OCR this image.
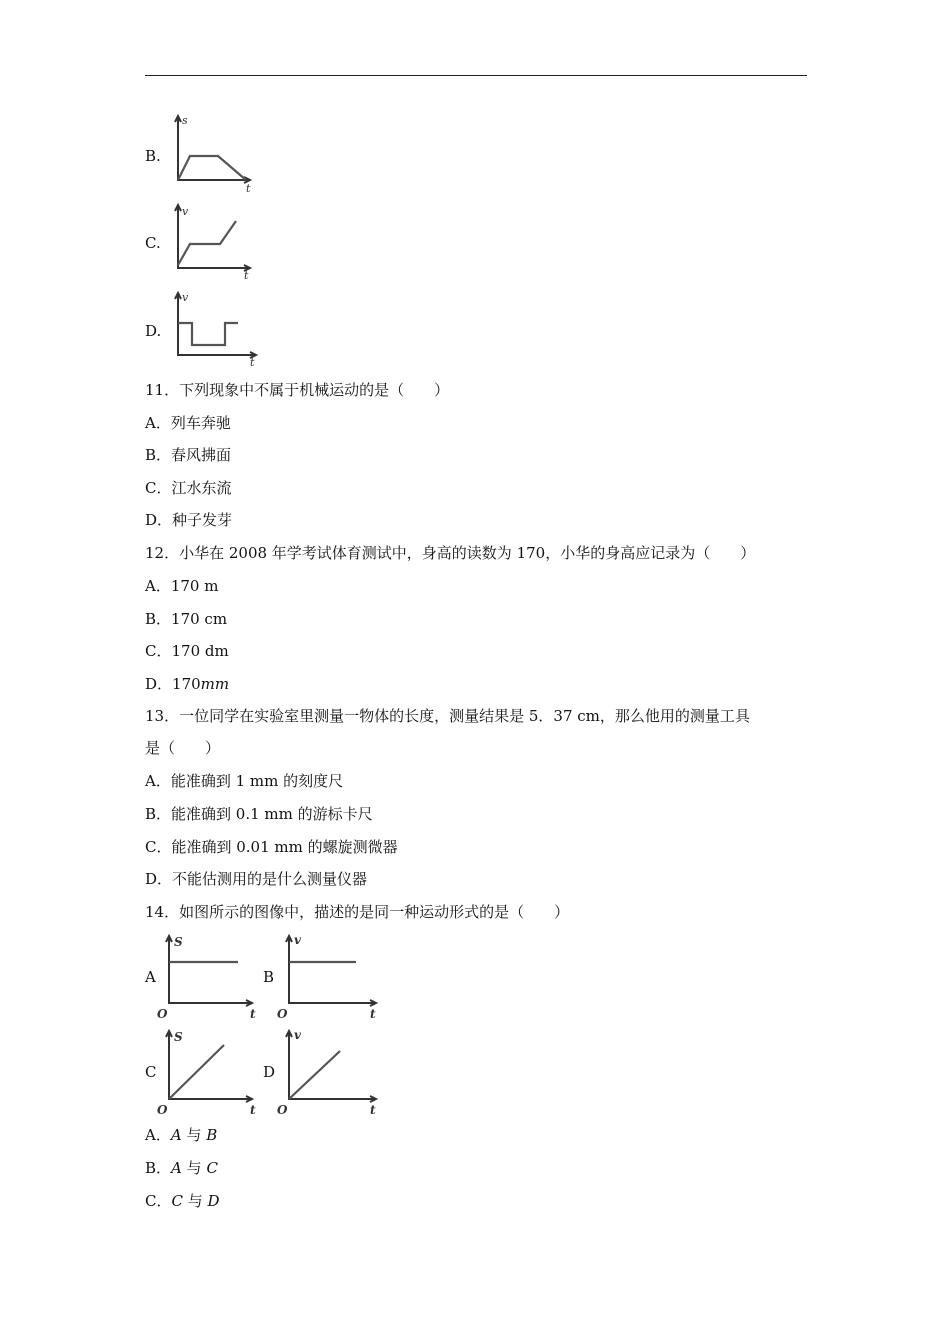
B.
s
t
C.
v
t
D.
v
t
11．下列现象中不属于机械运动的是（　　）
A．列车奔驰
B．春风拂面
C．江水东流
D．种子发芽
12．小华在 2008 年学考试体育测试中，身高的读数为 170，小华的身高应记录为（　　）
A．170 m
B．170 cm
C．170 dm
D．170mm
13．一位同学在实验室里测量一物体的长度，测量结果是 5．37 cm，那么他用的测量工具
是（　　）
A．能准确到 1 mm 的刻度尺
B．能准确到 0.1 mm 的游标卡尺
C．能准确到 0.01 mm 的螺旋测微器
D．不能估测用的是什么测量仪器
14．如图所示的图像中，描述的是同一种运动形式的是（　　）
A
S
t
O
B
v
t
O
C
S
t
O
D
v
t
O
A．A 与 B
B．A 与 C
C．C 与 D
